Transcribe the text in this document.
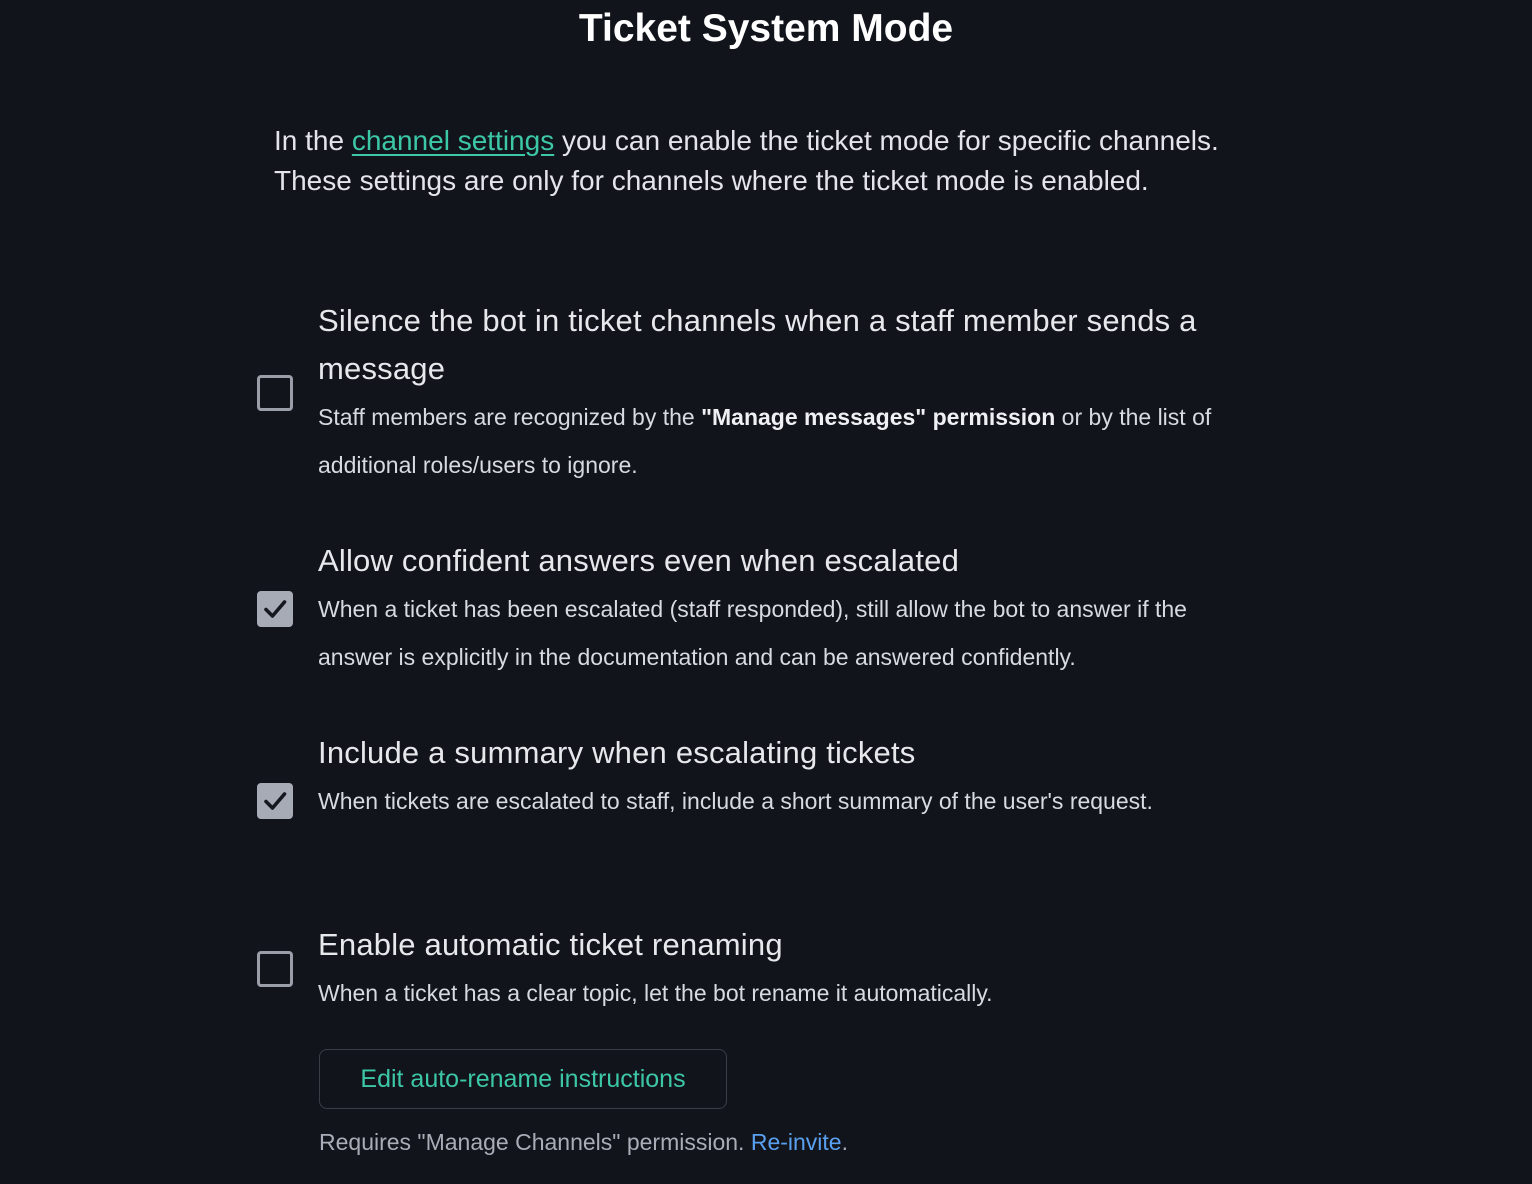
Ticket System Mode
In the channel settings you can enable the ticket mode for specific channels. These settings are only for channels where the ticket mode is enabled.
Silence the bot in ticket channels when a staff member sends a message
Staff members are recognized by the "Manage messages" permission or by the list of additional roles/users to ignore.
Allow confident answers even when escalated
When a ticket has been escalated (staff responded), still allow the bot to answer if the answer is explicitly in the documentation and can be answered confidently.
Include a summary when escalating tickets
When tickets are escalated to staff, include a short summary of the user's request.
Enable automatic ticket renaming
When a ticket has a clear topic, let the bot rename it automatically.
Edit auto-rename instructions
Requires "Manage Channels" permission. Re-invite.
